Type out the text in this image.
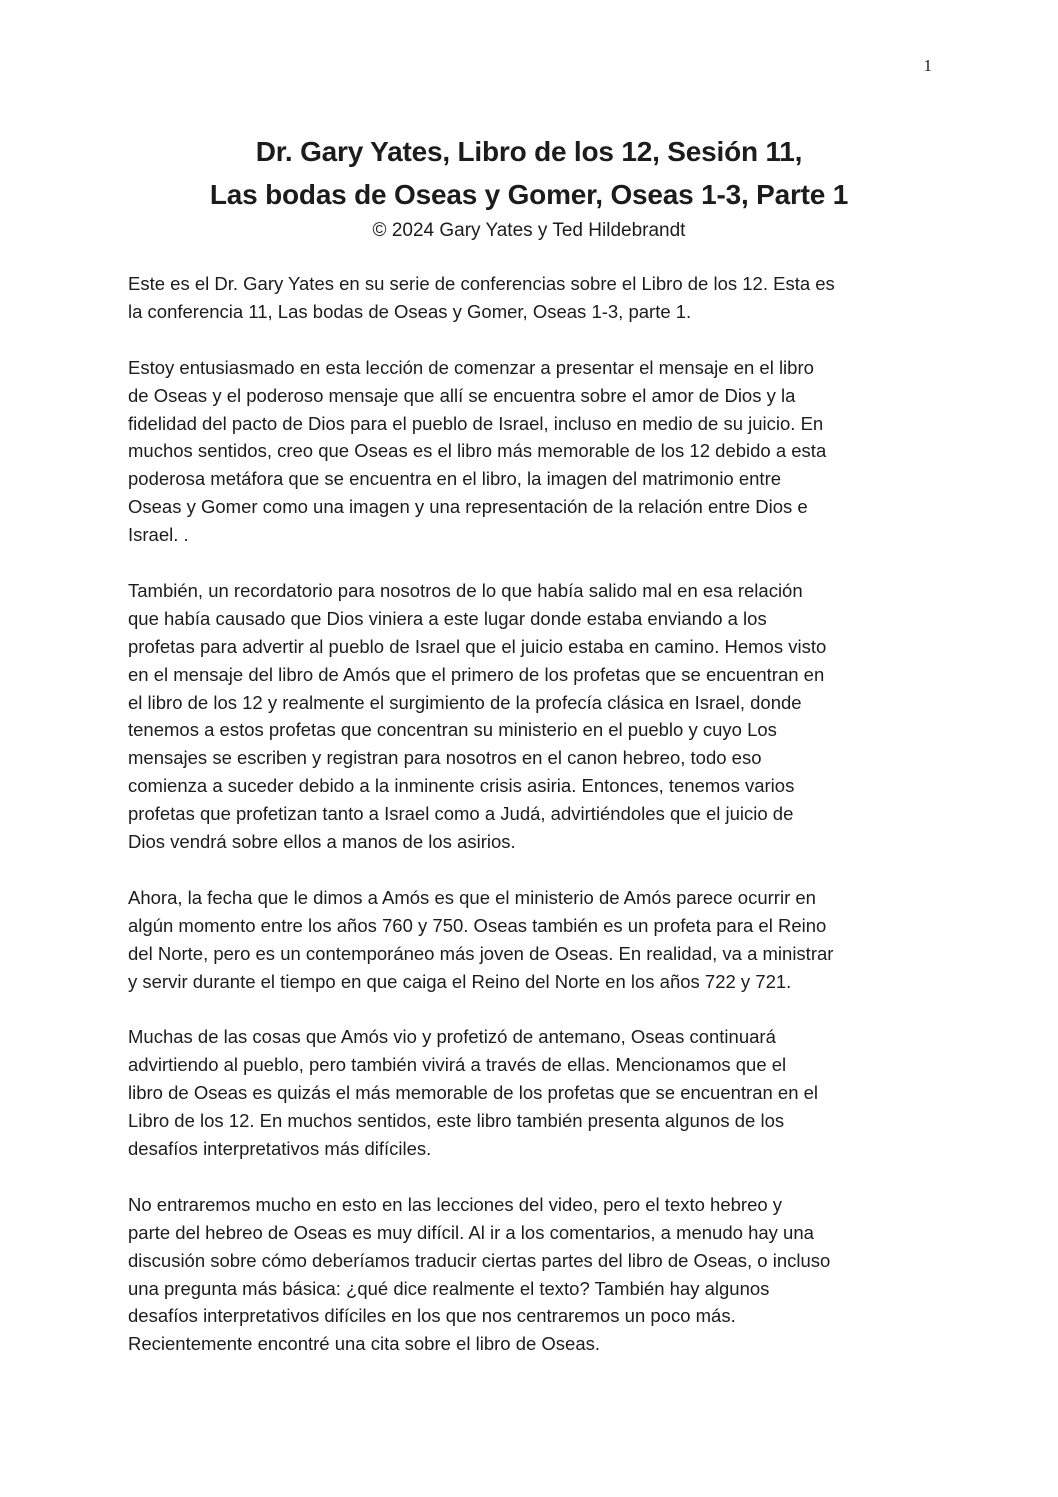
1
Dr. Gary Yates, Libro de los 12, Sesión 11,
Las bodas de Oseas y Gomer, Oseas 1-3, Parte 1
© 2024 Gary Yates y Ted Hildebrandt
Este es el Dr. Gary Yates en su serie de conferencias sobre el Libro de los 12. Esta es
la conferencia 11, Las bodas de Oseas y Gomer, Oseas 1-3, parte 1.
Estoy entusiasmado en esta lección de comenzar a presentar el mensaje en el libro
de Oseas y el poderoso mensaje que allí se encuentra sobre el amor de Dios y la
fidelidad del pacto de Dios para el pueblo de Israel, incluso en medio de su juicio. En
muchos sentidos, creo que Oseas es el libro más memorable de los 12 debido a esta
poderosa metáfora que se encuentra en el libro, la imagen del matrimonio entre
Oseas y Gomer como una imagen y una representación de la relación entre Dios e
Israel. .
También, un recordatorio para nosotros de lo que había salido mal en esa relación
que había causado que Dios viniera a este lugar donde estaba enviando a los
profetas para advertir al pueblo de Israel que el juicio estaba en camino. Hemos visto
en el mensaje del libro de Amós que el primero de los profetas que se encuentran en
el libro de los 12 y realmente el surgimiento de la profecía clásica en Israel, donde
tenemos a estos profetas que concentran su ministerio en el pueblo y cuyo Los
mensajes se escriben y registran para nosotros en el canon hebreo, todo eso
comienza a suceder debido a la inminente crisis asiria. Entonces, tenemos varios
profetas que profetizan tanto a Israel como a Judá, advirtiéndoles que el juicio de
Dios vendrá sobre ellos a manos de los asirios.
Ahora, la fecha que le dimos a Amós es que el ministerio de Amós parece ocurrir en
algún momento entre los años 760 y 750. Oseas también es un profeta para el Reino
del Norte, pero es un contemporáneo más joven de Oseas. En realidad, va a ministrar
y servir durante el tiempo en que caiga el Reino del Norte en los años 722 y 721.
Muchas de las cosas que Amós vio y profetizó de antemano, Oseas continuará
advirtiendo al pueblo, pero también vivirá a través de ellas. Mencionamos que el
libro de Oseas es quizás el más memorable de los profetas que se encuentran en el
Libro de los 12. En muchos sentidos, este libro también presenta algunos de los
desafíos interpretativos más difíciles.
No entraremos mucho en esto en las lecciones del video, pero el texto hebreo y
parte del hebreo de Oseas es muy difícil. Al ir a los comentarios, a menudo hay una
discusión sobre cómo deberíamos traducir ciertas partes del libro de Oseas, o incluso
una pregunta más básica: ¿qué dice realmente el texto? También hay algunos
desafíos interpretativos difíciles en los que nos centraremos un poco más.
Recientemente encontré una cita sobre el libro de Oseas.
